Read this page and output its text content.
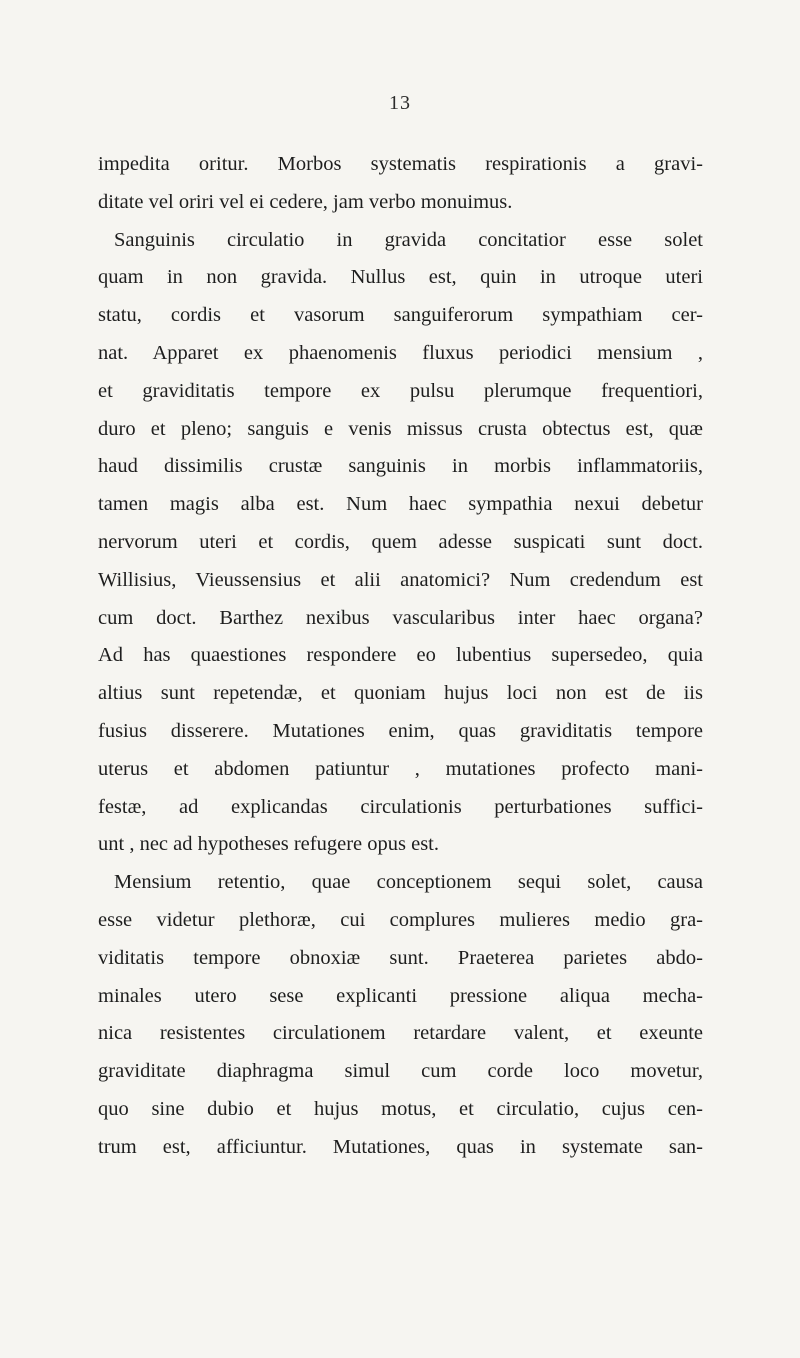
13
impedita oritur. Morbos systematis respirationis a gravi-
ditate vel oriri vel ei cedere, jam verbo monuimus.
Sanguinis circulatio in gravida concitatior esse solet
quam in non gravida. Nullus est, quin in utroque uteri
statu, cordis et vasorum sanguiferorum sympathiam cer-
nat. Apparet ex phaenomenis fluxus periodici mensium ,
et graviditatis tempore ex pulsu plerumque frequentiori,
duro et pleno; sanguis e venis missus crusta obtectus est, quæ
haud dissimilis crustæ sanguinis in morbis inflammatoriis,
tamen magis alba est. Num haec sympathia nexui debetur
nervorum uteri et cordis, quem adesse suspicati sunt doct.
Willisius, Vieussensius et alii anatomici? Num credendum est
cum doct. Barthez nexibus vascularibus inter haec organa?
Ad has quaestiones respondere eo lubentius supersedeo, quia
altius sunt repetendæ, et quoniam hujus loci non est de iis
fusius disserere. Mutationes enim, quas graviditatis tempore
uterus et abdomen patiuntur , mutationes profecto mani-
festæ, ad explicandas circulationis perturbationes suffici-
unt , nec ad hypotheses refugere opus est.
Mensium retentio, quae conceptionem sequi solet, causa
esse videtur plethoræ, cui complures mulieres medio gra-
viditatis tempore obnoxiæ sunt. Praeterea parietes abdo-
minales utero sese explicanti pressione aliqua mecha-
nica resistentes circulationem retardare valent, et exeunte
graviditate diaphragma simul cum corde loco movetur,
quo sine dubio et hujus motus, et circulatio, cujus cen-
trum est, afficiuntur. Mutationes, quas in systemate san-
